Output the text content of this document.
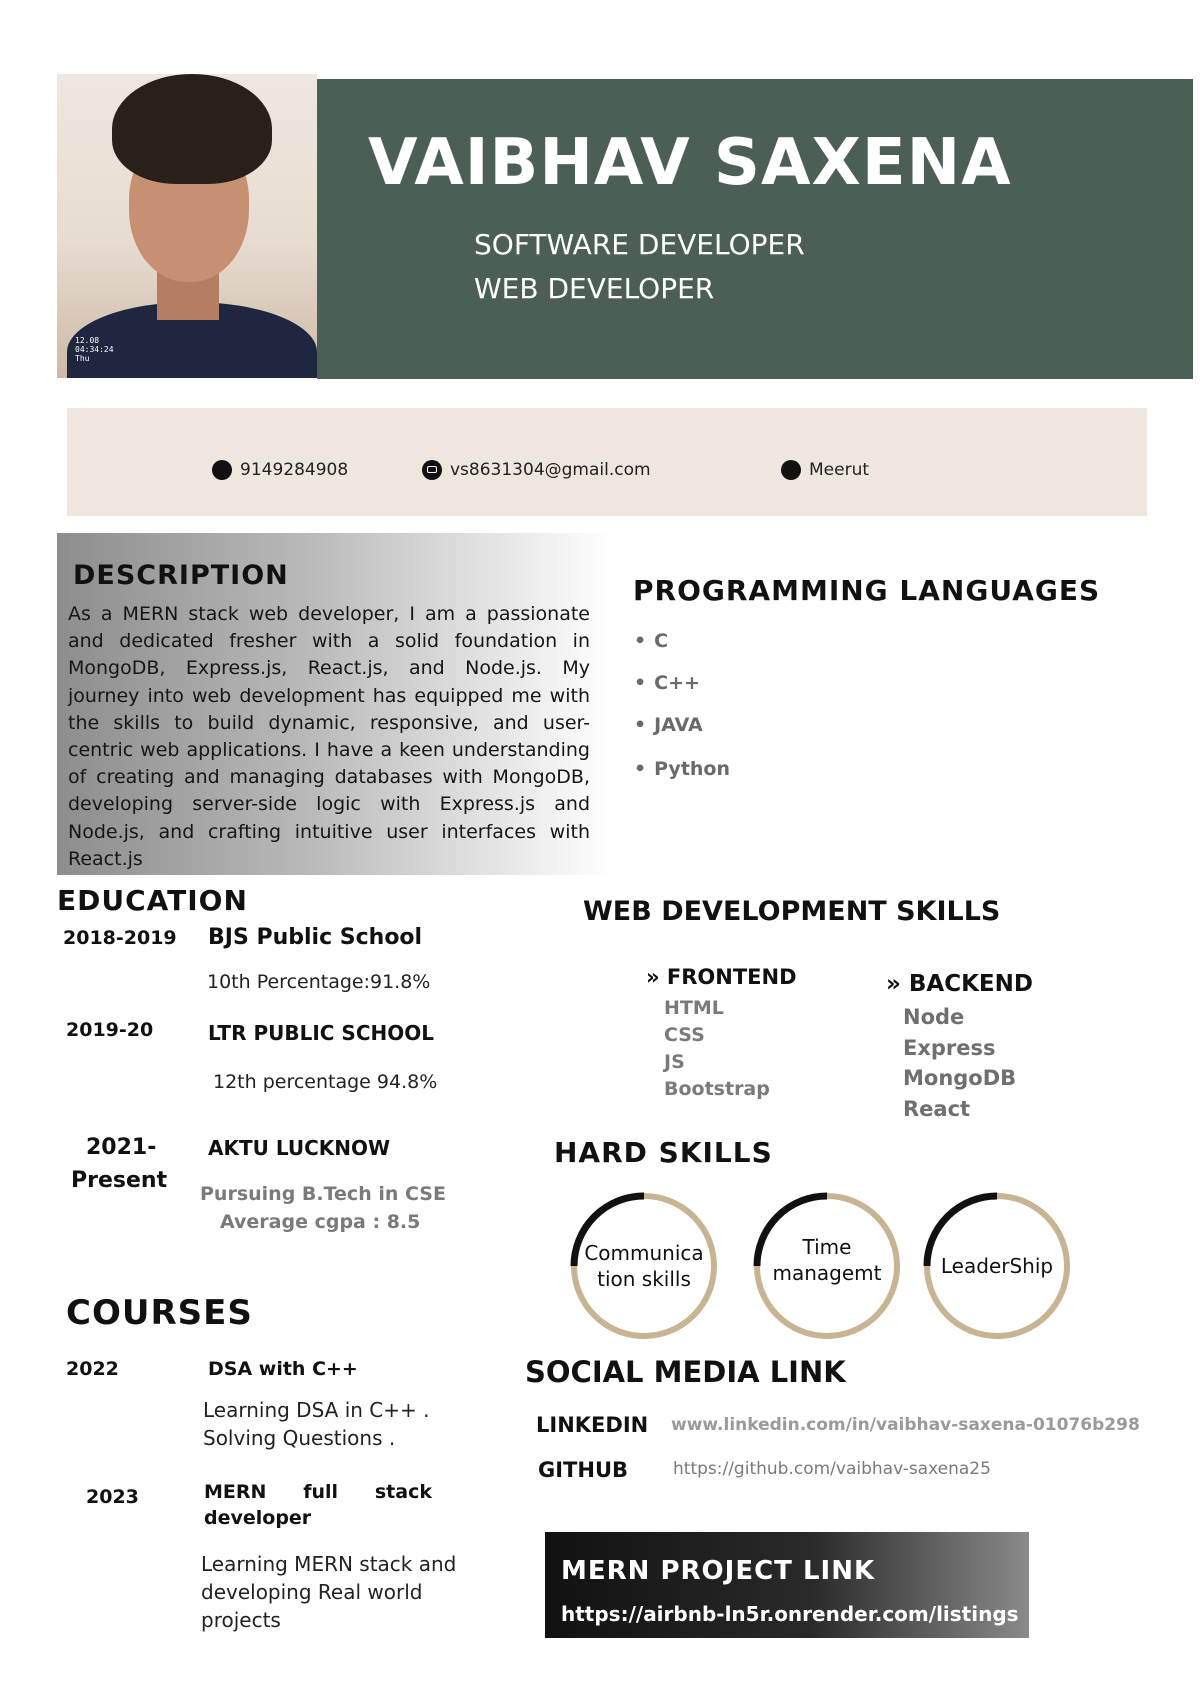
12.08
04:34:24
Thu
VAIBHAV SAXENA
SOFTWARE DEVELOPER
WEB DEVELOPER
9149284908	vs8631304@gmail.com	Meerut
DESCRIPTION
As a MERN stack web developer, I am a passionate and dedicated fresher with a solid foundation in MongoDB, Express.js, React.js, and Node.js. My journey into web development has equipped me with the skills to build dynamic, responsive, and user-centric web applications. I have a keen understanding of creating and managing databases with MongoDB, developing server-side logic with Express.js and Node.js, and crafting intuitive user interfaces with React.js
PROGRAMMING LANGUAGES
• C
• C++
• JAVA
• Python
EDUCATION
2018-2019 BJS Public School
10th Percentage:91.8%
2019-20	LTR PUBLIC SCHOOL
12th percentage 94.8%
2021-
Present
AKTU LUCKNOW
Pursuing B.Tech in CSE
Average cgpa : 8.5
WEB DEVELOPMENT SKILLS
» FRONTEND
HTML
CSS
JS
Bootstrap
» BACKEND
Node
Express
MongoDB
React
HARD SKILLS
Communica
tion skills
Time
managemt	LeaderShip
COURSES
2022	DSA with C++
Learning DSA in C++ .
Solving Questions .
2023	MERN full stack
developer
Learning MERN stack and
developing Real world
projects
SOCIAL MEDIA LINK
LINKEDIN www.linkedin.com/in/vaibhav-saxena-01076b298
GITHUB	https://github.com/vaibhav-saxena25
MERN PROJECT LINK
https://airbnb-ln5r.onrender.com/listings
